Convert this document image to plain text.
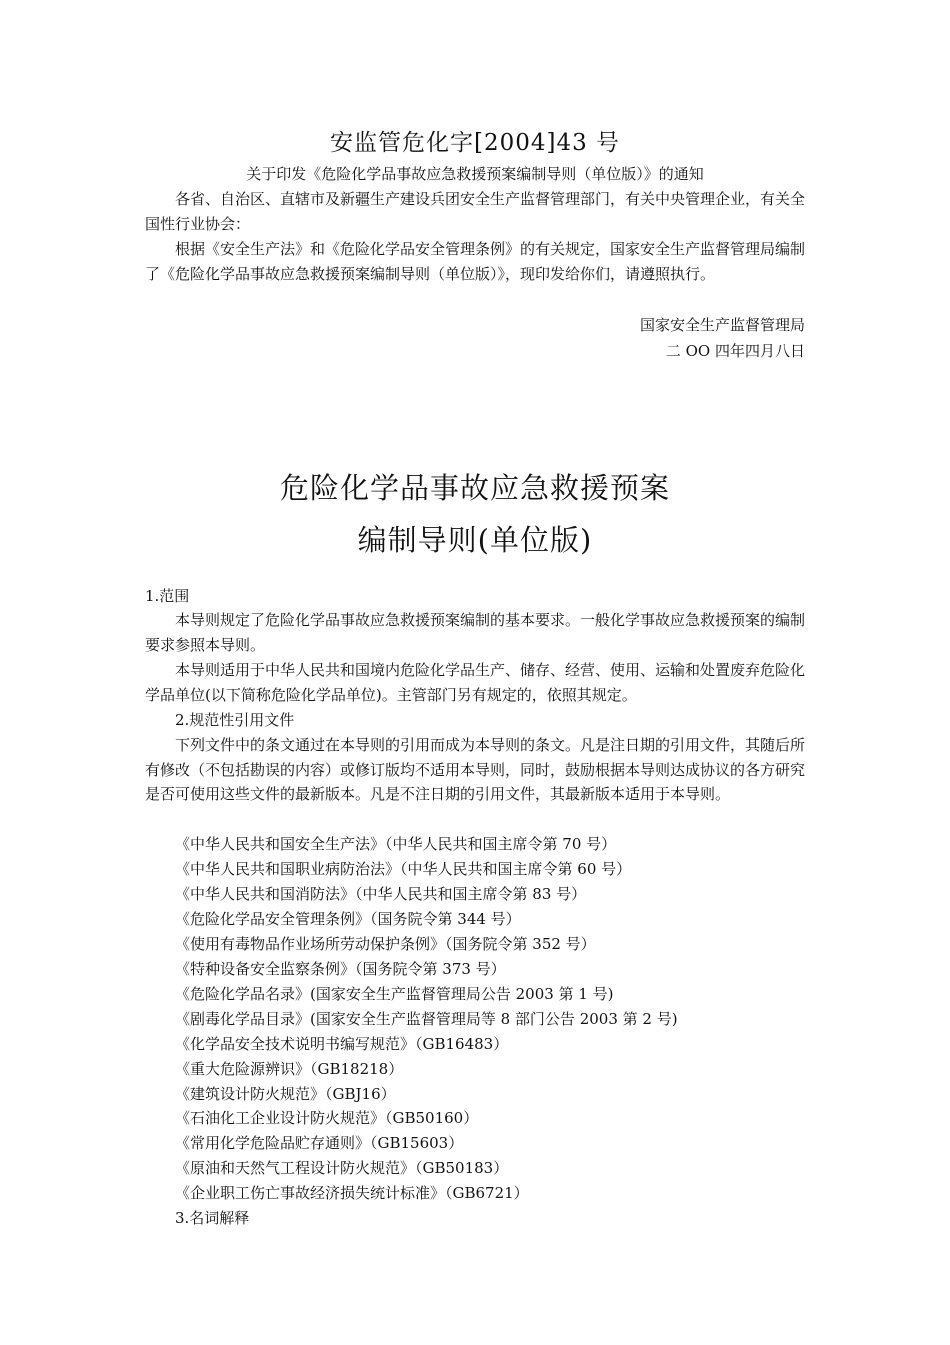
安监管危化字[2004]43 号
关于印发《危险化学品事故应急救援预案编制导则（单位版）》的通知

各省、自治区、直辖市及新疆生产建设兵团安全生产监督管理部门，有关中央管理企业，有关全国性行业协会：

根据《安全生产法》和《危险化学品安全管理条例》的有关规定，国家安全生产监督管理局编制了《危险化学品事故应急救援预案编制导则（单位版）》，现印发给你们，请遵照执行。

国家安全生产监督管理局
二 OO 四年四月八日
危险化学品事故应急救援预案
编制导则(单位版)

1.范围

本导则规定了危险化学品事故应急救援预案编制的基本要求。一般化学事故应急救援预案的编制要求参照本导则。

本导则适用于中华人民共和国境内危险化学品生产、储存、经营、使用、运输和处置废弃危险化学品单位(以下简称危险化学品单位)。主管部门另有规定的，依照其规定。

2.规范性引用文件

下列文件中的条文通过在本导则的引用而成为本导则的条文。凡是注日期的引用文件，其随后所有修改（不包括勘误的内容）或修订版均不适用本导则，同时，鼓励根据本导则达成协议的各方研究是否可使用这些文件的最新版本。凡是不注日期的引用文件，其最新版本适用于本导则。

《中华人民共和国安全生产法》（中华人民共和国主席令第 70 号）
《中华人民共和国职业病防治法》（中华人民共和国主席令第 60 号）
《中华人民共和国消防法》（中华人民共和国主席令第 83 号）
《危险化学品安全管理条例》（国务院令第 344 号）
《使用有毒物品作业场所劳动保护条例》（国务院令第 352 号）
《特种设备安全监察条例》（国务院令第 373 号）
《危险化学品名录》(国家安全生产监督管理局公告 2003 第 1 号)
《剧毒化学品目录》(国家安全生产监督管理局等 8 部门公告 2003 第 2 号)
《化学品安全技术说明书编写规范》（GB16483）
《重大危险源辨识》（GB18218）
《建筑设计防火规范》（GBJ16）
《石油化工企业设计防火规范》（GB50160）
《常用化学危险品贮存通则》（GB15603）
《原油和天然气工程设计防火规范》（GB50183）
《企业职工伤亡事故经济损失统计标准》（GB6721）
3.名词解释
